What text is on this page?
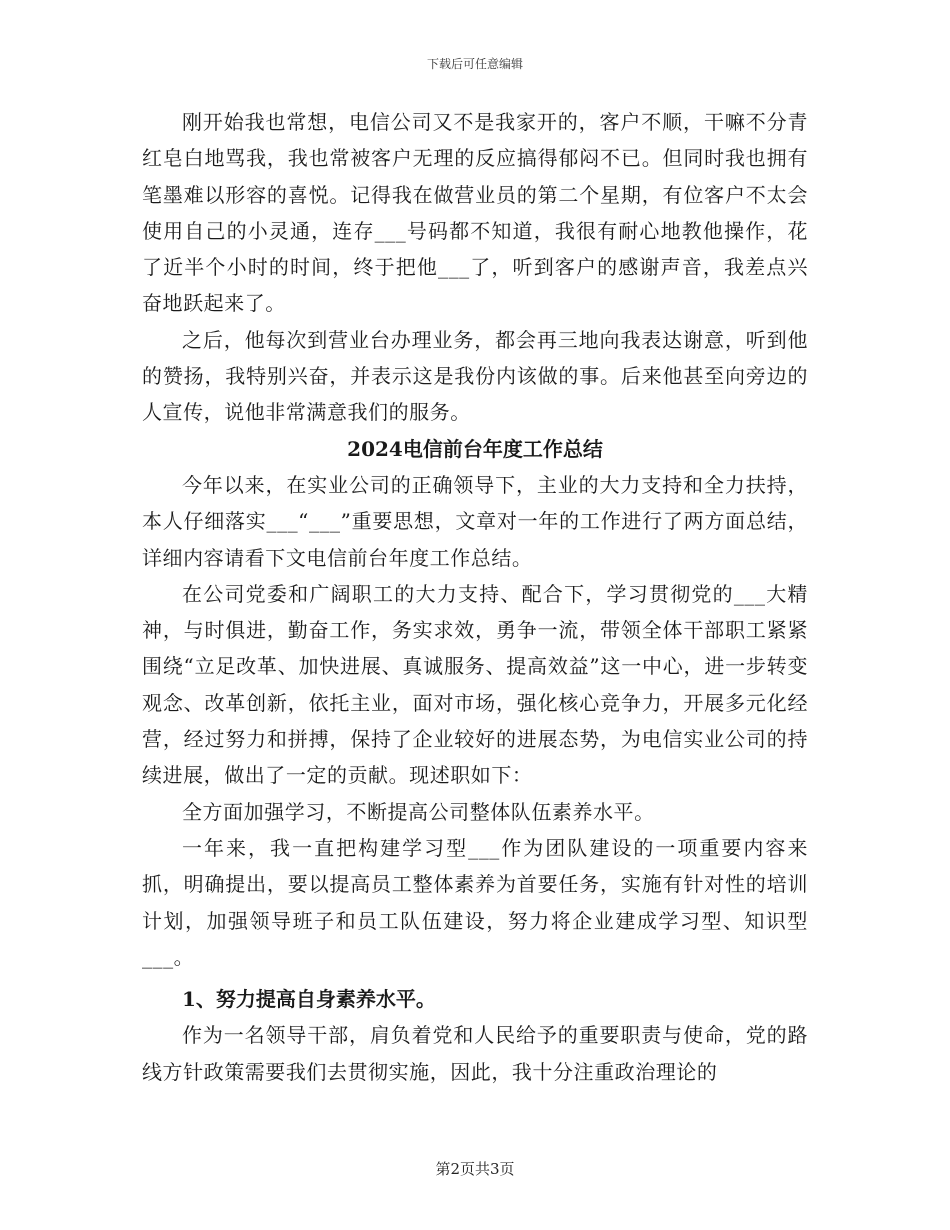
下载后可任意编辑

刚开始我也常想，电信公司又不是我家开的，客户不顺，干嘛不分青红皂白地骂我，我也常被客户无理的反应搞得郁闷不已。但同时我也拥有笔墨难以形容的喜悦。记得我在做营业员的第二个星期，有位客户不太会使用自己的小灵通，连存___号码都不知道，我很有耐心地教他操作，花了近半个小时的时间，终于把他___了，听到客户的感谢声音，我差点兴奋地跃起来了。

之后，他每次到营业台办理业务，都会再三地向我表达谢意，听到他的赞扬，我特别兴奋，并表示这是我份内该做的事。后来他甚至向旁边的人宣传，说他非常满意我们的服务。

2024电信前台年度工作总结

今年以来，在实业公司的正确领导下，主业的大力支持和全力扶持，本人仔细落实___“___”重要思想，文章对一年的工作进行了两方面总结，详细内容请看下文电信前台年度工作总结。

在公司党委和广阔职工的大力支持、配合下，学习贯彻党的___大精神，与时俱进，勤奋工作，务实求效，勇争一流，带领全体干部职工紧紧围绕“立足改革、加快进展、真诚服务、提高效益”这一中心，进一步转变观念、改革创新，依托主业，面对市场，强化核心竞争力，开展多元化经营，经过努力和拼搏，保持了企业较好的进展态势，为电信实业公司的持续进展，做出了一定的贡献。现述职如下：

全方面加强学习，不断提高公司整体队伍素养水平。

一年来，我一直把构建学习型___作为团队建设的一项重要内容来抓，明确提出，要以提高员工整体素养为首要任务，实施有针对性的培训计划，加强领导班子和员工队伍建设，努力将企业建成学习型、知识型___。

1、努力提高自身素养水平。

作为一名领导干部，肩负着党和人民给予的重要职责与使命，党的路线方针政策需要我们去贯彻实施，因此，我十分注重政治理论的

第2页共3页
